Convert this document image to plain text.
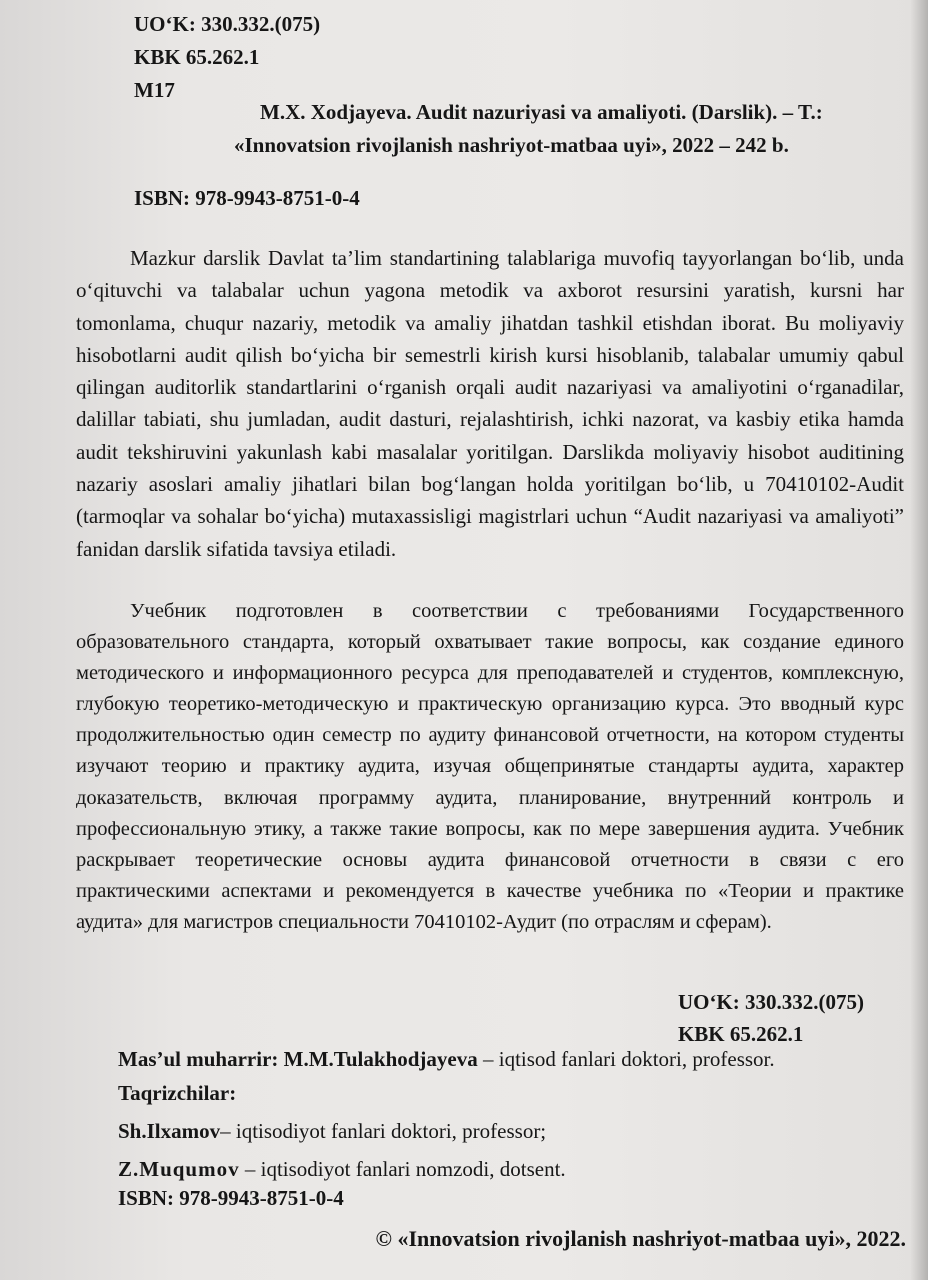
UO‘K: 330.332.(075)
KBK 65.262.1
M17
M.X. Xodjayeva. Audit nazuriyasi va amaliyoti. (Darslik). – T.:
«Innovatsion rivojlanish nashriyot-matbaa uyi», 2022 – 242 b.
ISBN: 978-9943-8751-0-4

Mazkur darslik Davlat ta’lim standartining talablariga muvofiq tayyorlangan bo‘lib, unda o‘qituvchi va talabalar uchun yagona metodik va axborot resursini yaratish, kursni har tomonlama, chuqur nazariy, metodik va amaliy jihatdan tashkil etishdan iborat. Bu moliyaviy hisobotlarni audit qilish bo‘yicha bir semestrli kirish kursi hisoblanib, talabalar umumiy qabul qilingan auditorlik standartlarini o‘rganish orqali audit nazariyasi va amaliyotini o‘rganadilar, dalillar tabiati, shu jumladan, audit dasturi, rejalashtirish, ichki nazorat, va kasbiy etika hamda audit tekshiruvini yakunlash kabi masalalar yoritilgan. Darslikda moliyaviy hisobot auditining nazariy asoslari amaliy jihatlari bilan bog‘langan holda yoritilgan bo‘lib, u 70410102-Audit (tarmoqlar va sohalar bo‘yicha) mutaxassisligi magistrlari uchun “Audit nazariyasi va amaliyoti” fanidan darslik sifatida tavsiya etiladi.

Учебник подготовлен в соответствии с требованиями Государственного образовательного стандарта, который охватывает такие вопросы, как создание единого методического и информационного ресурса для преподавателей и студентов, комплексную, глубокую теоретико-методическую и практическую организацию курса. Это вводный курс продолжительностью один семестр по аудиту финансовой отчетности, на котором студенты изучают теорию и практику аудита, изучая общепринятые стандарты аудита, характер доказательств, включая программу аудита, планирование, внутренний контроль и профессиональную этику, а также такие вопросы, как по мере завершения аудита. Учебник раскрывает теоретические основы аудита финансовой отчетности в связи с его практическими аспектами и рекомендуется в качестве учебника по «Теории и практике аудита» для магистров специальности 70410102-Аудит (по отраслям и сферам).

UO‘K: 330.332.(075)
KBK 65.262.1
Mas’ul muharrir: M.M.Tulakhodjayeva – iqtisod fanlari doktori, professor.
Taqrizchilar:
Sh.Ilxamov– iqtisodiyot fanlari doktori, professor;
Z.Muqumov – iqtisodiyot fanlari nomzodi, dotsent.
ISBN: 978-9943-8751-0-4
© «Innovatsion rivojlanish nashriyot-matbaa uyi», 2022.
